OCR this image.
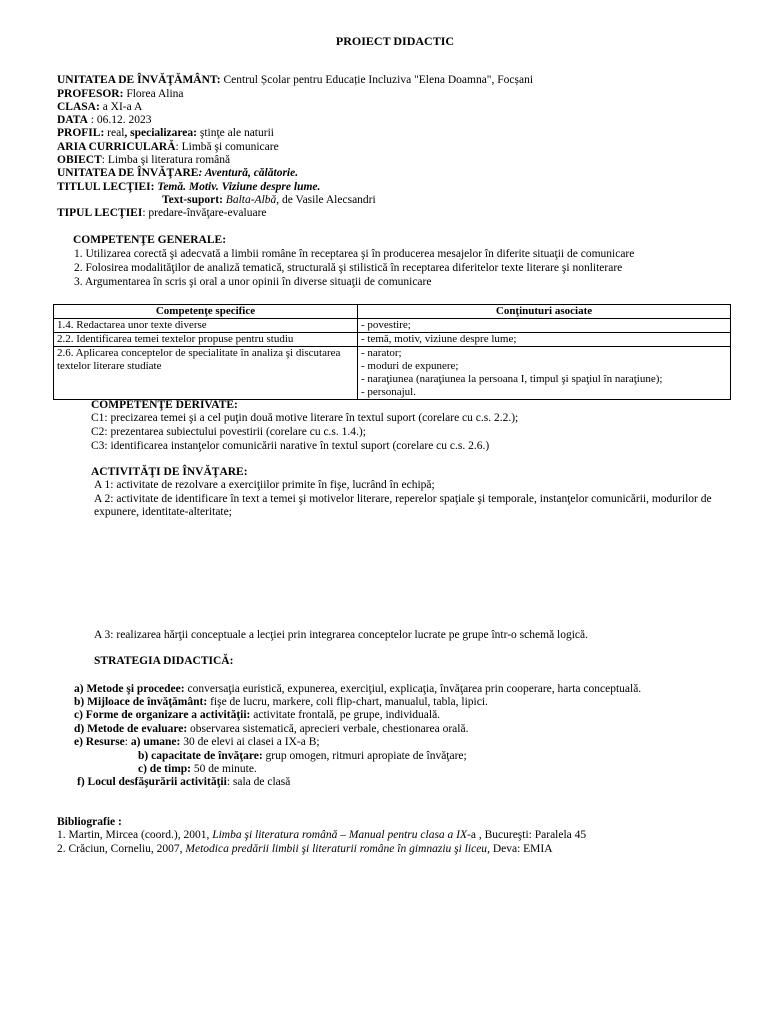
PROIECT DIDACTIC
UNITATEA DE ÎNVĂŢĂMÂNT: Centrul Școlar pentru Educație Incluziva "Elena Doamna", Focșani
PROFESOR: Florea Alina
CLASA: a XI-a A
DATA : 06.12. 2023
PROFIL: real, specializarea: ştinţe ale naturii
ARIA CURRICULARĂ: Limbă şi comunicare
OBIECT: Limba şi literatura română
UNITATEA DE ÎNVĂŢARE: Aventură, călătorie.
TITLUL LECŢIEI: Temă. Motiv. Viziune despre lume.
Text-suport: Balta-Albă, de Vasile Alecsandri
TIPUL LECŢIEI: predare-învăţare-evaluare
COMPETENŢE GENERALE:
1. Utilizarea corectă şi adecvată a limbii române în receptarea şi în producerea mesajelor în diferite situaţii de comunicare
2. Folosirea modalităţilor de analiză tematică, structurală şi stilistică în receptarea diferitelor texte literare şi nonliterare
3. Argumentarea în scris şi oral a unor opinii în diverse situaţii de comunicare
Competenţe specifice	Conţinuturi asociate
1.4. Redactarea unor texte diverse	- povestire;

2.2. Identificarea temei textelor propuse pentru studiu	- temă, motiv, viziune despre lume;

2.6. Aplicarea conceptelor de specialitate în analiza şi discutarea textelor literare studiate	- narator;
- moduri de expunere;
- naraţiunea (naraţiunea la persoana I, timpul şi spaţiul în naraţiune);
- personajul.
COMPETENŢE DERIVATE:
C1: precizarea temei şi a cel puţin două motive literare în textul suport (corelare cu c.s. 2.2.);
C2: prezentarea subiectului povestirii (corelare cu c.s. 1.4.);
C3: identificarea instanţelor comunicării narative în textul suport (corelare cu c.s. 2.6.)
ACTIVITĂŢI DE ÎNVĂŢARE:
A 1: activitate de rezolvare a exerciţiilor primite în fişe, lucrând în echipă;
A 2: activitate de identificare în text a temei şi motivelor literare, reperelor spaţiale şi temporale, instanţelor comunicării, modurilor de expunere, identitate-alteritate;
A 3: realizarea hărţii conceptuale a lecţiei prin integrarea conceptelor lucrate pe grupe într-o schemă logică.
STRATEGIA DIDACTICĂ:
a) Metode şi procedee: conversaţia euristică, expunerea, exerciţiul, explicaţia, învăţarea prin cooperare, harta conceptuală.
b) Mijloace de învăţământ: fişe de lucru, markere, coli flip-chart, manualul, tabla, lipici.
c) Forme de organizare a activităţii: activitate frontală, pe grupe, individuală.
d) Metode de evaluare: observarea sistematică, aprecieri verbale, chestionarea orală.
e) Resurse: a) umane: 30 de elevi ai clasei a IX-a B;
b) capacitate de învăţare: grup omogen, ritmuri apropiate de învăţare;
c) de timp: 50 de minute.
f) Locul desfăşurării activităţii: sala de clasă
Bibliografie :
1. Martin, Mircea (coord.), 2001, Limba şi literatura română – Manual pentru clasa a IX-a , Bucureşti: Paralela 45
2. Crăciun, Corneliu, 2007, Metodica predării limbii şi literaturii române în gimnaziu şi liceu, Deva: EMIA
